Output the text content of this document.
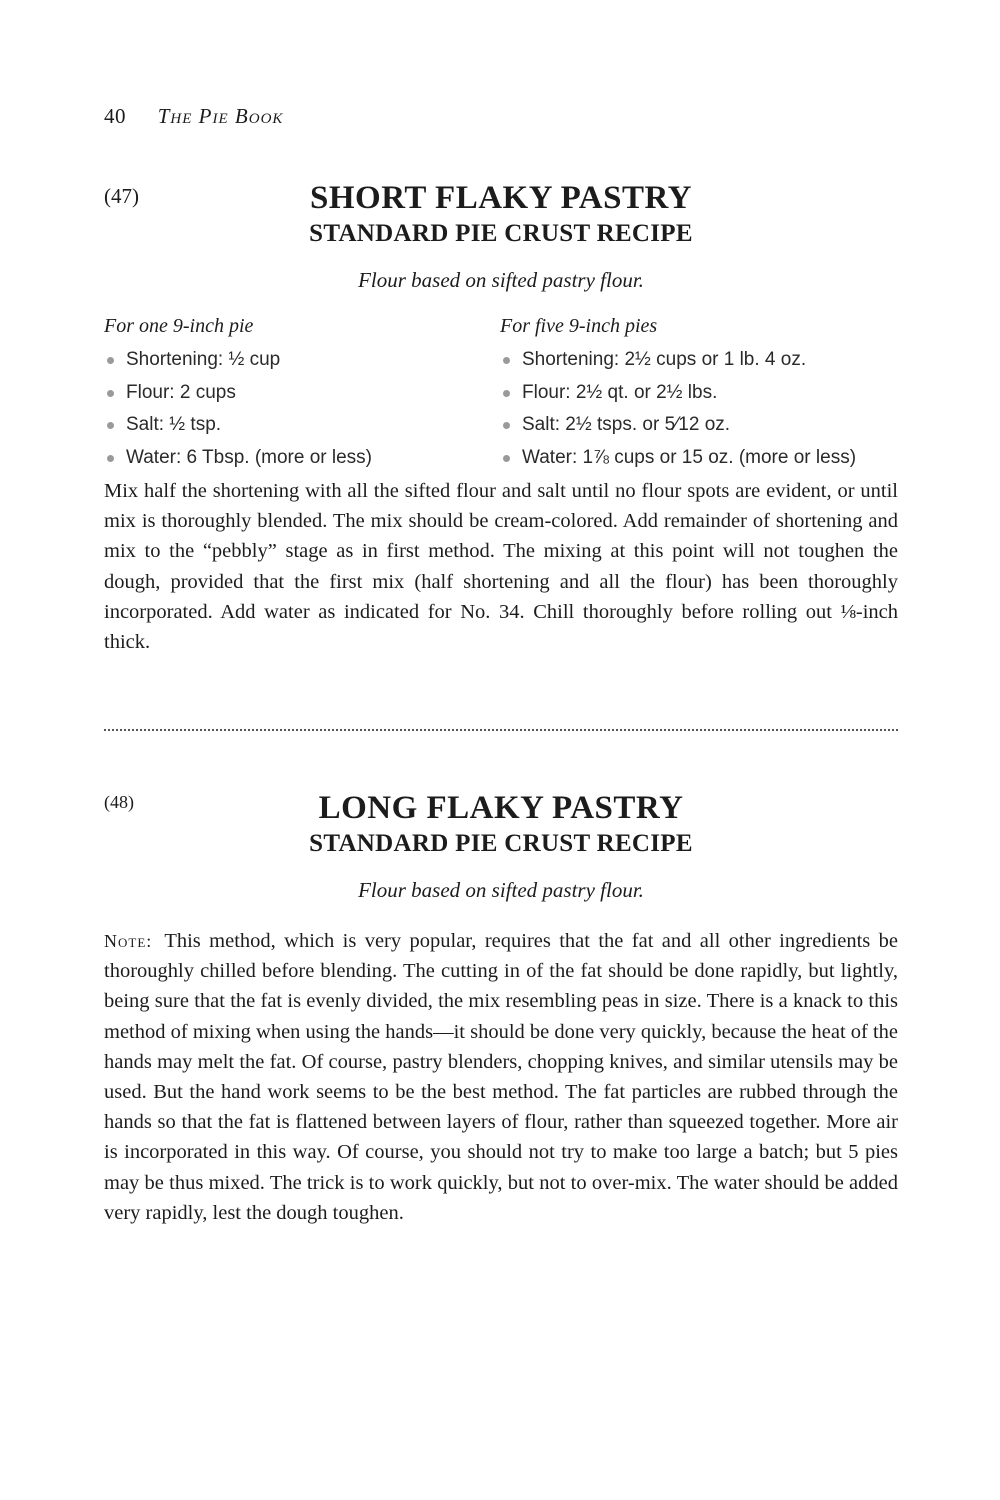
40 The Pie Book
(47)	SHORT FLAKY PASTRY
STANDARD PIE CRUST RECIPE
Flour based on sifted pastry flour.
For one 9-inch pie
Shortening: ½ cup
Flour: 2 cups
Salt: ½ tsp.
Water: 6 Tbsp. (more or less)
For five 9-inch pies
Shortening: 2½ cups or 1 lb. 4 oz.
Flour: 2½ qt. or 2½ lbs.
Salt: 2½ tsps. or 5⁄12 oz.
Water: 1⅞ cups or 15 oz. (more or less)

Mix half the shortening with all the sifted flour and salt until no flour spots are evident, or until mix is thoroughly blended. The mix should be cream-colored. Add remainder of shortening and mix to the “pebbly” stage as in first method. The mixing at this point will not toughen the dough, provided that the first mix (half shortening and all the flour) has been thoroughly incorporated. Add water as indicated for No. 34. Chill thoroughly before rolling out ⅛-inch thick.

(48)	LONG FLAKY PASTRY
STANDARD PIE CRUST RECIPE
Flour based on sifted pastry flour.

Note: This method, which is very popular, requires that the fat and all other ingredients be thoroughly chilled before blending. The cutting in of the fat should be done rapidly, but lightly, being sure that the fat is evenly divided, the mix resembling peas in size. There is a knack to this method of mixing when using the hands—it should be done very quickly, because the heat of the hands may melt the fat. Of course, pastry blenders, chopping knives, and similar utensils may be used. But the hand work seems to be the best method. The fat particles are rubbed through the hands so that the fat is flattened between layers of flour, rather than squeezed together. More air is incorporated in this way. Of course, you should not try to make too large a batch; but 5 pies may be thus mixed. The trick is to work quickly, but not to over-mix. The water should be added very rapidly, lest the dough toughen.
